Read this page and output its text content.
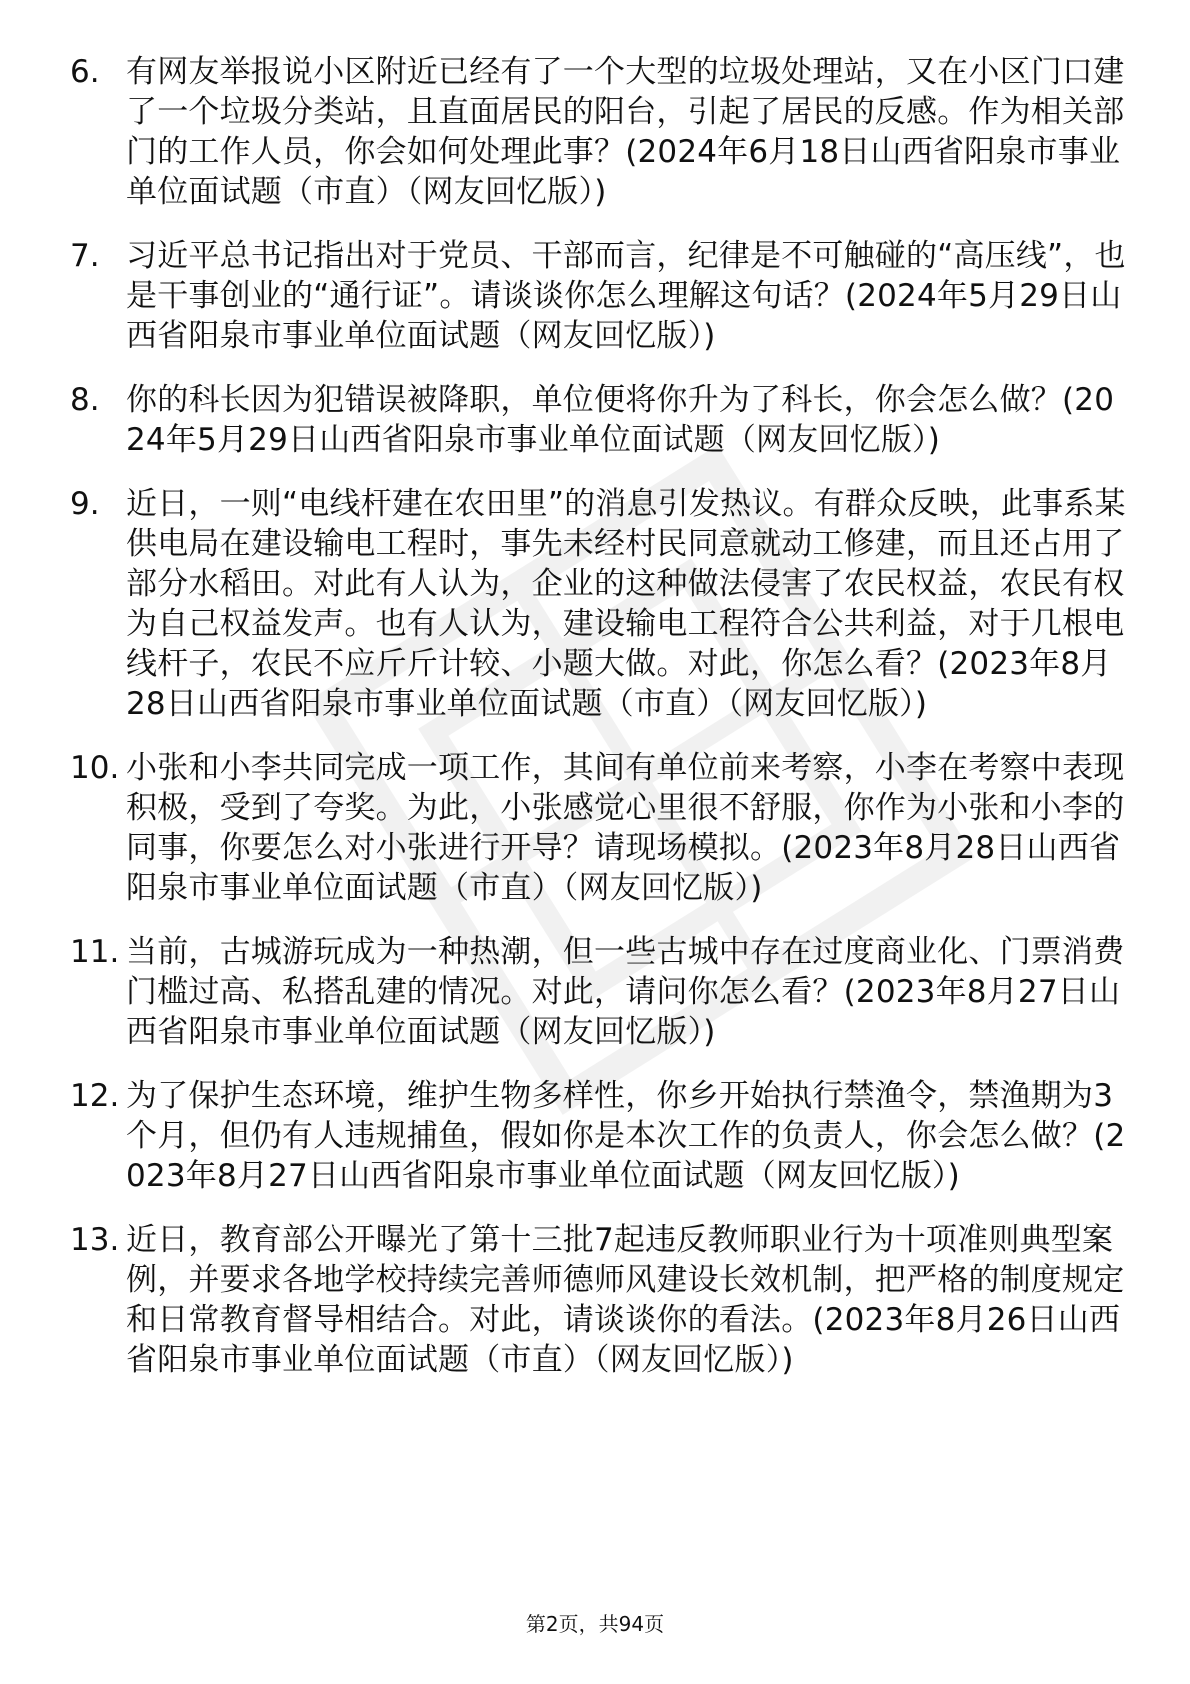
6. 有网友举报说小区附近已经有了一个大型的垃圾处理站，又在小区门口建了一个垃圾分类站，且直面居民的阳台，引起了居民的反感。作为相关部门的工作人员，你会如何处理此事？(2024年6月18日山西省阳泉市事业单位面试题（市直）（网友回忆版）)
7. 习近平总书记指出对于党员、干部而言，纪律是不可触碰的“高压线”，也是干事创业的“通行证”。请谈谈你怎么理解这句话？(2024年5月29日山西省阳泉市事业单位面试题（网友回忆版）)
8. 你的科长因为犯错误被降职，单位便将你升为了科长，你会怎么做？(2024年5月29日山西省阳泉市事业单位面试题（网友回忆版）)
9. 近日，一则“电线杆建在农田里”的消息引发热议。有群众反映，此事系某供电局在建设输电工程时，事先未经村民同意就动工修建，而且还占用了部分水稻田。对此有人认为，企业的这种做法侵害了农民权益，农民有权为自己权益发声。也有人认为，建设输电工程符合公共利益，对于几根电线杆子，农民不应斤斤计较、小题大做。对此，你怎么看？(2023年8月28日山西省阳泉市事业单位面试题（市直）（网友回忆版）)
10. 小张和小李共同完成一项工作，其间有单位前来考察，小李在考察中表现积极，受到了夸奖。为此，小张感觉心里很不舒服，你作为小张和小李的同事，你要怎么对小张进行开导？请现场模拟。(2023年8月28日山西省阳泉市事业单位面试题（市直）（网友回忆版）)
11. 当前，古城游玩成为一种热潮，但一些古城中存在过度商业化、门票消费门槛过高、私搭乱建的情况。对此，请问你怎么看？(2023年8月27日山西省阳泉市事业单位面试题（网友回忆版）)
12. 为了保护生态环境，维护生物多样性，你乡开始执行禁渔令，禁渔期为3个月，但仍有人违规捕鱼，假如你是本次工作的负责人，你会怎么做？(2023年8月27日山西省阳泉市事业单位面试题（网友回忆版）)
13. 近日，教育部公开曝光了第十三批7起违反教师职业行为十项准则典型案例，并要求各地学校持续完善师德师风建设长效机制，把严格的制度规定和日常教育督导相结合。对此，请谈谈你的看法。(2023年8月26日山西省阳泉市事业单位面试题（市直）（网友回忆版）)
第2页，共94页
